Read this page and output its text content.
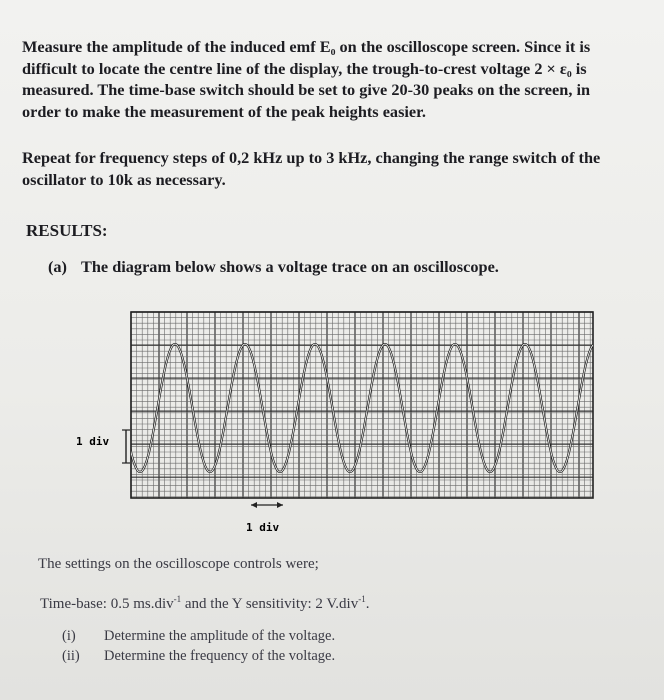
Measure the amplitude of the induced emf E₀ on the oscilloscope screen. Since it is difficult to locate the centre line of the display, the trough-to-crest voltage 2 × ε₀ is measured. The time-base switch should be set to give 20-30 peaks on the screen, in order to make the measurement of the peak heights easier.

Repeat for frequency steps of 0,2 kHz up to 3 kHz, changing the range switch of the oscillator to 10k as necessary.

RESULTS:

(a) The diagram below shows a voltage trace on an oscilloscope.

1 div
1 div

The settings on the oscilloscope controls were;

Time-base: 0.5 ms.div$^{-1}$ and the Y sensitivity: 2 V.div$^{-1}$.

(i) Determine the amplitude of the voltage.

(ii) Determine the frequency of the voltage.
